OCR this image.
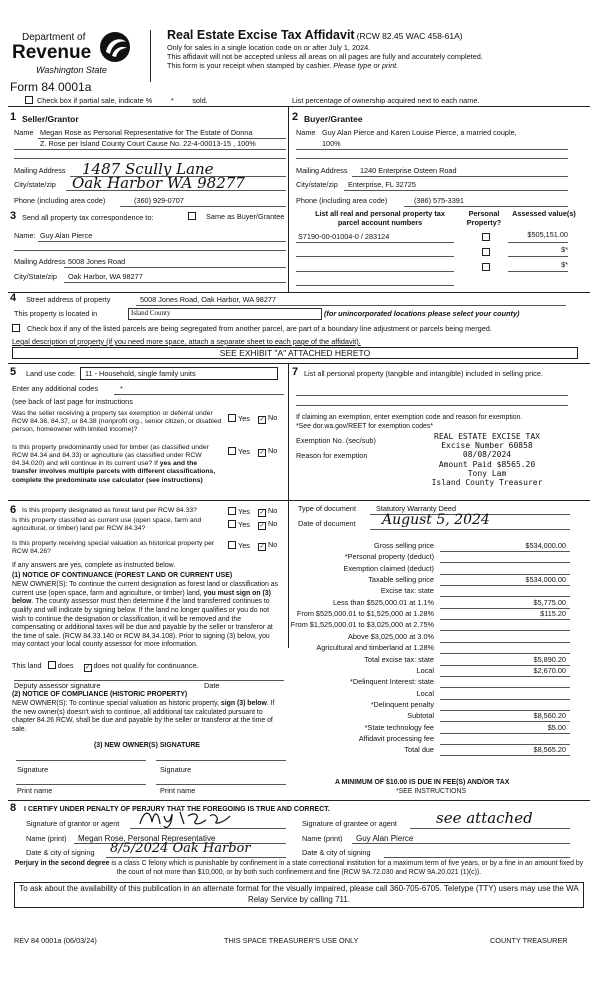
Department of
Revenue
Washington State
Form 84 0001a
Real Estate Excise Tax Affidavit (RCW 82.45 WAC 458-61A)
Only for sales in a single location code on or after July 1, 2024.
This affidavit will not be accepted unless all areas on all pages are fully and accurately completed.
This form is your receipt when stamped by cashier. Please type or print.
Check box if partial sale, indicate %	*	sold.	List percentage of ownership acquired next to each name.
1 Seller/Grantor
Name Megan Rose as Personal Representative for The Estate of Donna
Z. Rose per Island County Court Cause No. 22-4-00013-15 , 100%
Mailing Address 1487 Scully Lane
City/state/zip Oak Harbor WA 98277
Phone (including area code)	(360) 929-0707
2 Buyer/Grantee
Name Guy Alan Pierce and Karen Louise Pierce, a married couple,
100%
Mailing Address 1240 Enterprise Osteen Road
City/state/zip Enterprise, FL 32725
Phone (including area code)	(386) 575-3391
3 Send all property tax correspondence to:	Same as Buyer/Grantee
Name: Guy Alan Pierce
Mailing Address 5008 Jones Road
City/State/zip Oak Harbor, WA 98277
List all real and personal property tax parcel account numbers
Personal Property?
Assessed value(s)
S7190-00-01004-0 / 283124	$505,151.00
$*
$*
4 Street address of property	5008 Jones Road, Oak Harbor, WA 98277
This property is located in	Island County	(for unincorporated locations please select your county)
Check box if any of the listed parcels are being segregated from another parcel, are part of a boundary line adjustment or parcels being merged.
Legal description of property (if you need more space, attach a separate sheet to each page of the affidavit).
SEE EXHIBIT "A" ATTACHED HERETO
5 Land use code:	11 - Household, single family units
Enter any additional codes	*
(see back of last page for instructions
Was the seller receiving a property tax exemption or deferral under RCW 84.36, 84.37, or 84.38 (nonprofit org., senior citizen, or disabled person, homeowner with limited income)?
Yes ✓ No
Is this property predominantly used for timber (as classified under RCW 84.34 and 84.33) or agriculture (as classified under RCW 84.34.020) and will continue in its current use? If yes and the transfer involves multiple parcels with different classifications, complete the predominate use calculator (see instructions)
Yes ✓ No
7 List all personal property (tangible and intangible) included in selling price.
If claiming an exemption, enter exemption code and reason for exemption.
*See dor.wa.gov/REET for exemption codes*
Exemption No. (sec/sub)
Reason for exemption
REAL ESTATE EXCISE TAX
Excise Number 60858
08/08/2024
Amount Paid $8565.20
Tony Lam
Island County Treasurer
6 Is this property designated as forest land per RCW 84.33?	Yes ✓ No
Is this property classified as current use (open space, farm and agricultural, or timber) land per RCW 84.34?	Yes ✓ No
Is this property receiving special valuation as historical property per RCW 84.26?
Yes ✓ No
If any answers are yes, complete as instructed below.
(1) NOTICE OF CONTINUANCE (FOREST LAND OR CURRENT USE)
NEW OWNER(S): To continue the current designation as forest land or classification as current use (open space, farm and agriculture, or timber) land, you must sign on (3) below. The county assessor must then determine if the land transferred continues to qualify and will indicate by signing below. If the land no longer qualifies or you do not wish to continue the designation or classification, it will be removed and the compensating or additional taxes will be due and payable by the seller or transferor at the time of sale. (RCW 84.33.140 or RCW 84.34.108). Prior to signing (3) below, you may contact your local county assessor for more information.
This land does ✓ does not qualify for continuance.
Deputy assessor signature	Date
(2) NOTICE OF COMPLIANCE (HISTORIC PROPERTY)
NEW OWNER(S): To continue special valuation as historic property, sign (3) below. If the new owner(s) doesn't wish to continue, all additional tax calculated pursuant to chapter 84.26 RCW, shall be due and payable by the seller or transferor at the time of sale.
(3) NEW OWNER(S) SIGNATURE
Signature	Signature
Print name	Print name
Type of document	Statutory Warranty Deed
Date of document August 5, 2024
Gross selling price	$534,000.00
*Personal property (deduct)
Exemption claimed (deduct)
Taxable selling price	$534,000.00
Excise tax: state
Less than $525,000.01 at 1.1%	$5,775.00
From $525,000.01 to $1,525,000 at 1.28%	$115.20
From $1,525,000.01 to $3,025,000 at 2.75%
Above $3,025,000 at 3.0%
Agricultural and timberland at 1.28%
Total excise tax: state	$5,890.20
Local	$2,670.00
*Delinquent Interest: state
Local
*Delinquent penalty
Subtotal	$8,560.20
*State technology fee	$5.00
Affidavit processing fee
Total due	$8,565.20
A MINIMUM OF $10.00 IS DUE IN FEE(S) AND/OR TAX
*SEE INSTRUCTIONS
8 I CERTIFY UNDER PENALTY OF PERJURY THAT THE FOREGOING IS TRUE AND CORRECT.
Signature of grantor or agent	Signature of grantee or agent	see attached
Name (print) Megan Rose, Personal Representative	Name (print) Guy Alan Pierce
Date & city of signing 8/5/2024 Oak Harbor	Date & city of signing
Perjury in the second degree is a class C felony which is punishable by confinement in a state correctional institution for a maximum term of five years, or by a fine in an amount fixed by the court of not more than $10,000, or by both such confinement and fine (RCW 9A.72.030 and RCW 9A.20.021 (1)(c)).
To ask about the availability of this publication in an alternate format for the visually impaired, please call 360-705-6705. Teletype (TTY) users may use the WA Relay Service by calling 711.
REV 84 0001a (06/03/24)	THIS SPACE TREASURER'S USE ONLY	COUNTY TREASURER
